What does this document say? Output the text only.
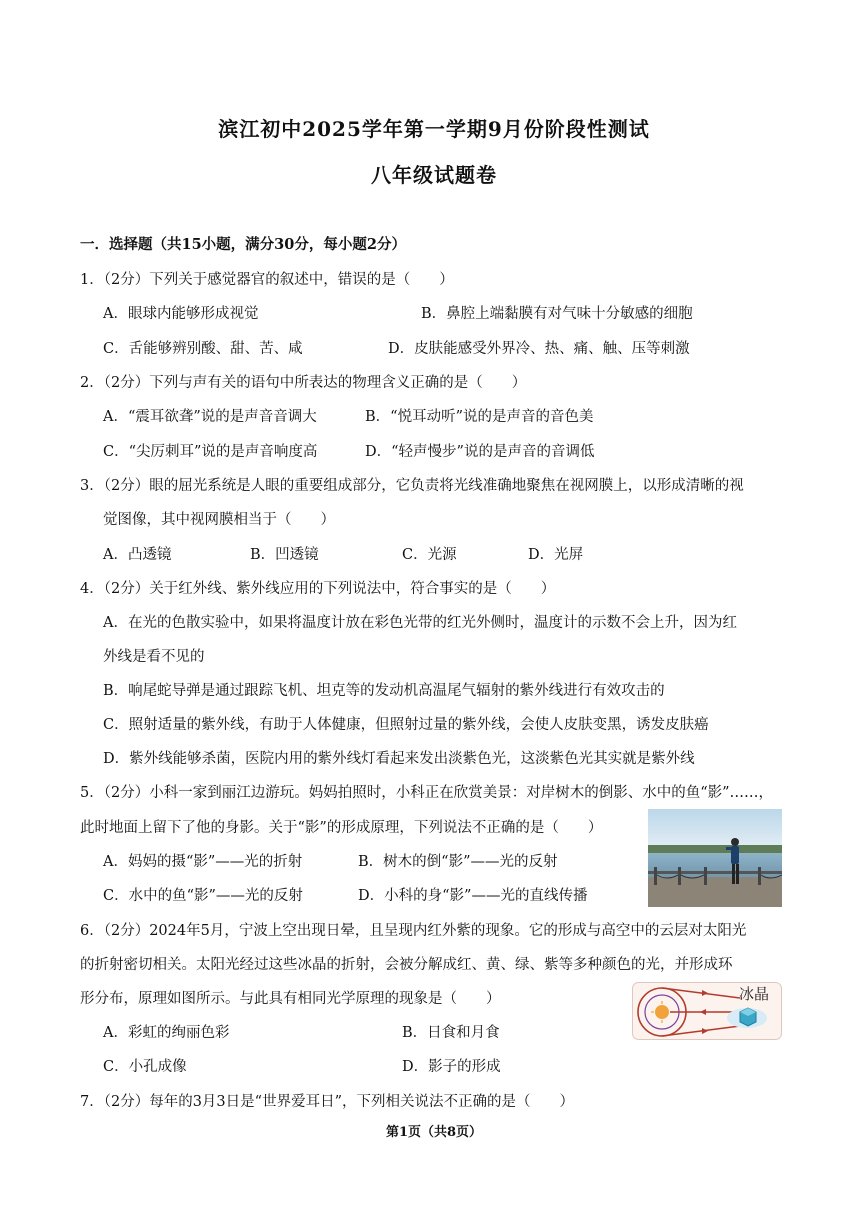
滨江初中2025学年第一学期9月份阶段性测试
八年级试题卷
一．选择题（共15小题，满分30分，每小题2分）
1．（2分）下列关于感觉器官的叙述中，错误的是（　　）
A．眼球内能够形成视觉	B．鼻腔上端黏膜有对气味十分敏感的细胞
C．舌能够辨别酸、甜、苦、咸	D．皮肤能感受外界冷、热、痛、触、压等刺激
2．（2分）下列与声有关的语句中所表达的物理含义正确的是（　　）
A．“震耳欲聋”说的是声音音调大	B．“悦耳动听”说的是声音的音色美
C．“尖厉刺耳”说的是声音响度高	D．“轻声慢步”说的是声音的音调低
3．（2分）眼的屈光系统是人眼的重要组成部分，它负责将光线准确地聚焦在视网膜上，以形成清晰的视
觉图像，其中视网膜相当于（　　）
A．凸透镜	B．凹透镜	C．光源	D．光屏
4．（2分）关于红外线、紫外线应用的下列说法中，符合事实的是（　　）
A．在光的色散实验中，如果将温度计放在彩色光带的红光外侧时，温度计的示数不会上升，因为红
外线是看不见的
B．响尾蛇导弹是通过跟踪飞机、坦克等的发动机高温尾气辐射的紫外线进行有效攻击的
C．照射适量的紫外线，有助于人体健康，但照射过量的紫外线，会使人皮肤变黑，诱发皮肤癌
D．紫外线能够杀菌，医院内用的紫外线灯看起来发出淡紫色光，这淡紫色光其实就是紫外线
5．（2分）小科一家到丽江边游玩。妈妈拍照时，小科正在欣赏美景：对岸树木的倒影、水中的鱼“影”……，
此时地面上留下了他的身影。关于“影”的形成原理，下列说法不正确的是（　　）
A．妈妈的摄“影”——光的折射	B．树木的倒“影”——光的反射
C．水中的鱼“影”——光的反射	D．小科的身“影”——光的直线传播
6．（2分）2024年5月，宁波上空出现日晕，且呈现内红外紫的现象。它的形成与高空中的云层对太阳光
的折射密切相关。太阳光经过这些冰晶的折射，会被分解成红、黄、绿、紫等多种颜色的光，并形成环
形分布，原理如图所示。与此具有相同光学原理的现象是（　　）
A．彩虹的绚丽色彩	B．日食和月食
C．小孔成像	D．影子的形成
冰晶
7．（2分）每年的3月3日是“世界爱耳日”，下列相关说法不正确的是（　　）
第1页（共8页）
